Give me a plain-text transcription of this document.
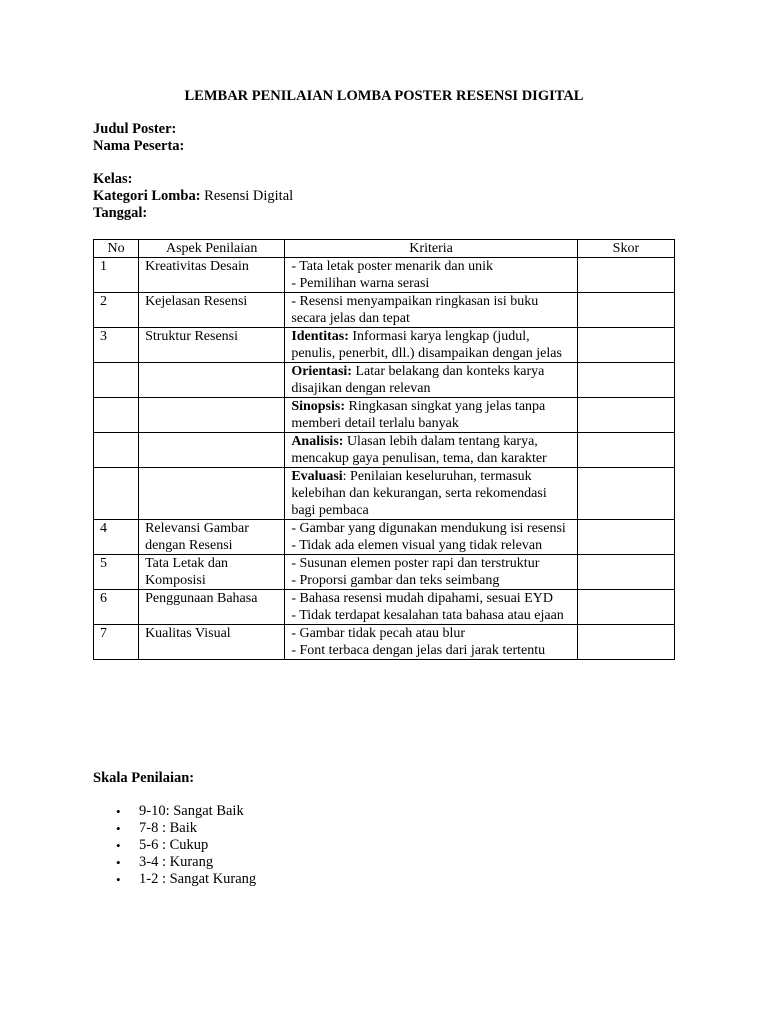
LEMBAR PENILAIAN LOMBA POSTER RESENSI DIGITAL
Judul Poster:
Nama Peserta:
Kelas:
Kategori Lomba: Resensi Digital
Tanggal:
No	Aspek Penilaian	Kriteria	Skor
1	Kreativitas Desain	- Tata letak poster menarik dan unik
- Pemilihan warna serasi	

2	Kejelasan Resensi	- Resensi menyampaikan ringkasan isi buku secara jelas dan tepat	

3	Struktur Resensi	Identitas: Informasi karya lengkap (judul, penulis, penerbit, dll.) disampaikan dengan jelas	

		Orientasi: Latar belakang dan konteks karya disajikan dengan relevan	

		Sinopsis: Ringkasan singkat yang jelas tanpa memberi detail terlalu banyak	

		Analisis: Ulasan lebih dalam tentang karya, mencakup gaya penulisan, tema, dan karakter	

		Evaluasi: Penilaian keseluruhan, termasuk kelebihan dan kekurangan, serta rekomendasi bagi pembaca	

4	Relevansi Gambar dengan Resensi	- Gambar yang digunakan mendukung isi resensi
- Tidak ada elemen visual yang tidak relevan	

5	Tata Letak dan Komposisi	- Susunan elemen poster rapi dan terstruktur
- Proporsi gambar dan teks seimbang	

6	Penggunaan Bahasa	- Bahasa resensi mudah dipahami, sesuai EYD
- Tidak terdapat kesalahan tata bahasa atau ejaan	

7	Kualitas Visual	- Gambar tidak pecah atau blur
- Font terbaca dengan jelas dari jarak tertentu	

Skala Penilaian:
• 9-10: Sangat Baik
• 7-8 : Baik
• 5-6 : Cukup
• 3-4 : Kurang
• 1-2 : Sangat Kurang
